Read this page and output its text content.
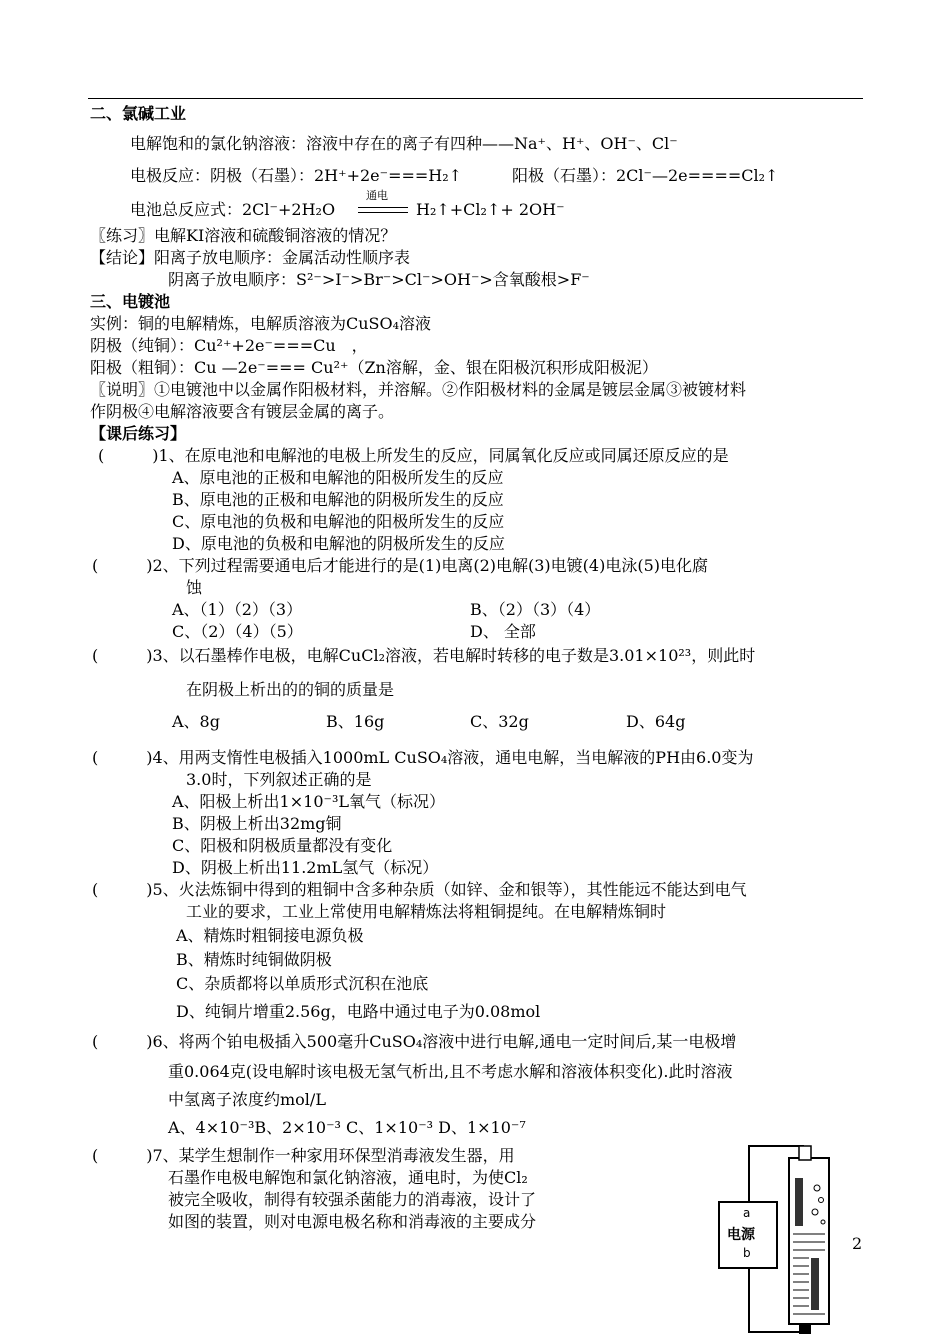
二、氯碱工业
电解饱和的氯化钠溶液：溶液中存在的离子有四种——Na⁺、H⁺、OH⁻、Cl⁻
电极反应：阴极（石墨）：2H⁺+2e⁻===H₂↑	阳极（石墨）：2Cl⁻—2e====Cl₂↑
电池总反应式：2Cl⁻+2H₂O
通电
H₂↑+Cl₂↑+ 2OH⁻
〖练习〗电解KI溶液和硫酸铜溶液的情况？
【结论】阳离子放电顺序：金属活动性顺序表
阴离子放电顺序：S²⁻>I⁻>Br⁻>Cl⁻>OH⁻>含氧酸根>F⁻
三、电镀池
实例：铜的电解精炼，电解质溶液为CuSO₄溶液
阴极（纯铜）：Cu²⁺+2e⁻===Cu　，
阳极（粗铜）：Cu —2e⁻=== Cu²⁺（Zn溶解，金、银在阳极沉积形成阳极泥）
〖说明〗①电镀池中以金属作阳极材料，并溶解。②作阳极材料的金属是镀层金属③被镀材料
作阴极④电解溶液要含有镀层金属的离子。
【课后练习】
(　　　)1、在原电池和电解池的电极上所发生的反应，同属氧化反应或同属还原反应的是
A、原电池的正极和电解池的阳极所发生的反应
B、原电池的正极和电解池的阴极所发生的反应
C、原电池的负极和电解池的阳极所发生的反应
D、原电池的负极和电解池的阴极所发生的反应
(　　　)2、下列过程需要通电后才能进行的是(1)电离(2)电解(3)电镀(4)电泳(5)电化腐
蚀
A、（1）（2）（3）	B、（2）（3）（4）
C、（2）（4）（5）	D、 全部
(　　　)3、以石墨棒作电极，电解CuCl₂溶液，若电解时转移的电子数是3.01×10²³，则此时
在阴极上析出的的铜的质量是
A、8g	B、16g	C、32g	D、64g
(　　　)4、用两支惰性电极插入1000mL CuSO₄溶液，通电电解，当电解液的PH由6.0变为
3.0时，下列叙述正确的是
A、阳极上析出1×10⁻³L氧气（标况）
B、阴极上析出32mg铜
C、阳极和阴极质量都没有变化
D、阴极上析出11.2mL氢气（标况）
(　　　)5、火法炼铜中得到的粗铜中含多种杂质（如锌、金和银等），其性能远不能达到电气
工业的要求，工业上常使用电解精炼法将粗铜提纯。在电解精炼铜时
A、精炼时粗铜接电源负极
B、精炼时纯铜做阴极
C、杂质都将以单质形式沉积在池底
D、纯铜片增重2.56g，电路中通过电子为0.08mol
(　　　)6、将两个铂电极插入500毫升CuSO₄溶液中进行电解,通电一定时间后,某一电极增
重0.064克(设电解时该电极无氢气析出,且不考虑水解和溶液体积变化).此时溶液
中氢离子浓度约mol/L
A、4×10⁻³B、2×10⁻³ C、1×10⁻³ D、1×10⁻⁷
(　　　)7、某学生想制作一种家用环保型消毒液发生器，用
石墨作电极电解饱和氯化钠溶液，通电时，为使Cl₂
被完全吸收，制得有较强杀菌能力的消毒液，设计了
如图的装置，则对电源电极名称和消毒液的主要成分	a
电源
b	2
